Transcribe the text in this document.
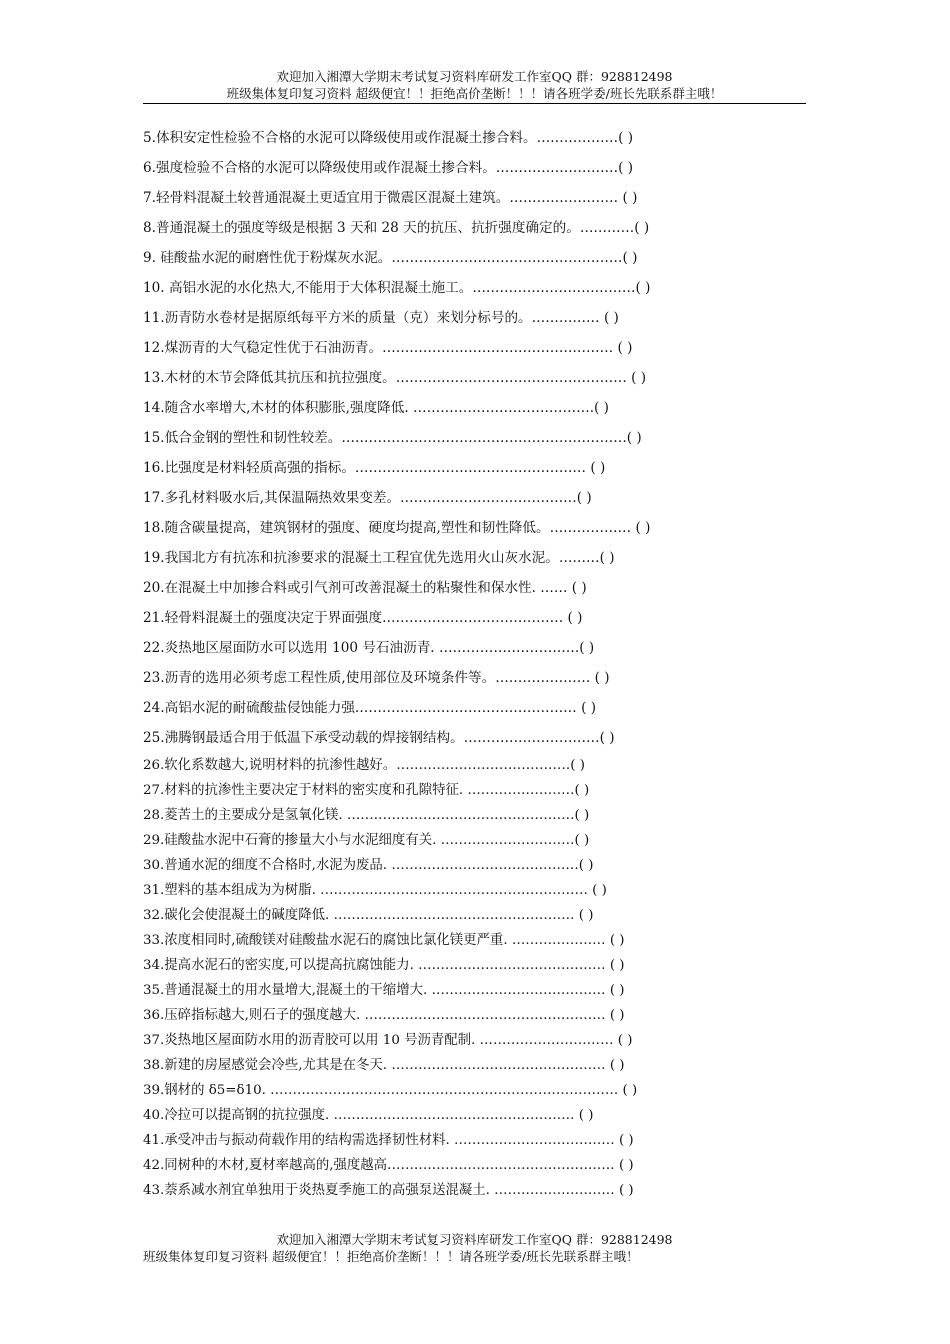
欢迎加入湘潭大学期末考试复习资料库研发工作室QQ 群：928812498
班级集体复印复习资料 超级便宜！！拒绝高价垄断！！！请各班学委/班长先联系群主哦！
5.体积安定性检验不合格的水泥可以降级使用或作混凝土掺合料。………………( )
6.强度检验不合格的水泥可以降级使用或作混凝土掺合料。………………………( )
7.轻骨料混凝土较普通混凝土更适宜用于微震区混凝土建筑。…………………… ( )
8.普通混凝土的强度等级是根据 3 天和 28 天的抗压、抗折强度确定的。…………( )
9. 硅酸盐水泥的耐磨性优于粉煤灰水泥。……………………………………………( )
10. 高铝水泥的水化热大,不能用于大体积混凝土施工。………………………………( )
11.沥青防水卷材是据原纸每平方米的质量（克）来划分标号的。…………… ( )
12.煤沥青的大气稳定性优于石油沥青。…………………………………………… ( )
13.木材的木节会降低其抗压和抗拉强度。…………………………………………… ( )
14.随含水率增大,木材的体积膨胀,强度降低. ………………………………….( )
15.低合金钢的塑性和韧性较差。………………………………………………………( )
16.比强度是材料轻质高强的指标。…………………………………………… ( )
17.多孔材料吸水后,其保温隔热效果变差。…………………………………( )
18.随含碳量提高，建筑钢材的强度、硬度均提高,塑性和韧性降低。……………… ( )
19.我国北方有抗冻和抗渗要求的混凝土工程宜优先选用火山灰水泥。………( )
20.在混凝土中加掺合料或引气剂可改善混凝土的粘聚性和保水性. …… ( )
21.轻骨料混凝土的强度决定于界面强度.………………………………… ( )
22.炎热地区屋面防水可以选用 100 号石油沥青. ………………………….( )
23.沥青的选用必须考虑工程性质,使用部位及环境条件等。………………… ( )
24.高铝水泥的耐硫酸盐侵蚀能力强.………………………………………… ( )
25.沸腾钢最适合用于低温下承受动载的焊接钢结构。…………………………( )
26.软化系数越大,说明材料的抗渗性越好。…………………………………( )
27.材料的抗渗性主要决定于材料的密实度和孔隙特征. ……………………( )
28.菱苦土的主要成分是氢氧化镁. ……………………………………………( )
29.硅酸盐水泥中石膏的掺量大小与水泥细度有关. …………………………( )
30.普通水泥的细度不合格时,水泥为废品. ……………………………………( )
31.塑料的基本组成为为树脂. …………………………………………………… ( )
32.碳化会使混凝土的碱度降低. ……………………………………………… ( )
33.浓度相同时,硫酸镁对硅酸盐水泥石的腐蚀比氯化镁更严重. ………………… ( )
34.提高水泥石的密实度,可以提高抗腐蚀能力. …………………………………… ( )
35.普通混凝土的用水量增大,混凝土的干缩增大. ………………………………… ( )
36.压碎指标越大,则石子的强度越大. ……………………………………………… ( )
37.炎热地区屋面防水用的沥青胶可以用 10 号沥青配制. ………………………… ( )
38.新建的房屋感觉会冷些,尤其是在冬天. ………………………………………… ( )
39.钢材的 δ5=δ10. …………………………………………………………………… ( )
40.冷拉可以提高钢的抗拉强度. ……………………………………………… ( )
41.承受冲击与振动荷载作用的结构需选择韧性材料. ……………………………… ( )
42.同树种的木材,夏材率越高的,强度越高…………………………………………… ( )
43.萘系减水剂宜单独用于炎热夏季施工的高强泵送混凝土. ……………………… ( )
欢迎加入湘潭大学期末考试复习资料库研发工作室QQ 群：928812498
班级集体复印复习资料 超级便宜！！拒绝高价垄断！！！请各班学委/班长先联系群主哦！
